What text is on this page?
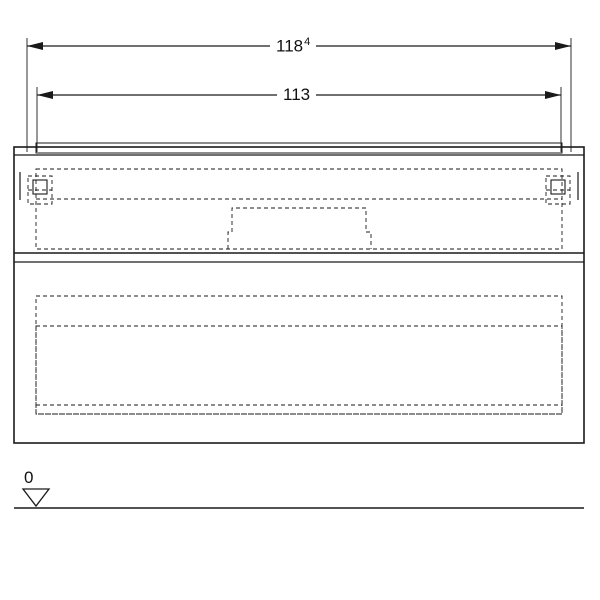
$118^4$
113
0
